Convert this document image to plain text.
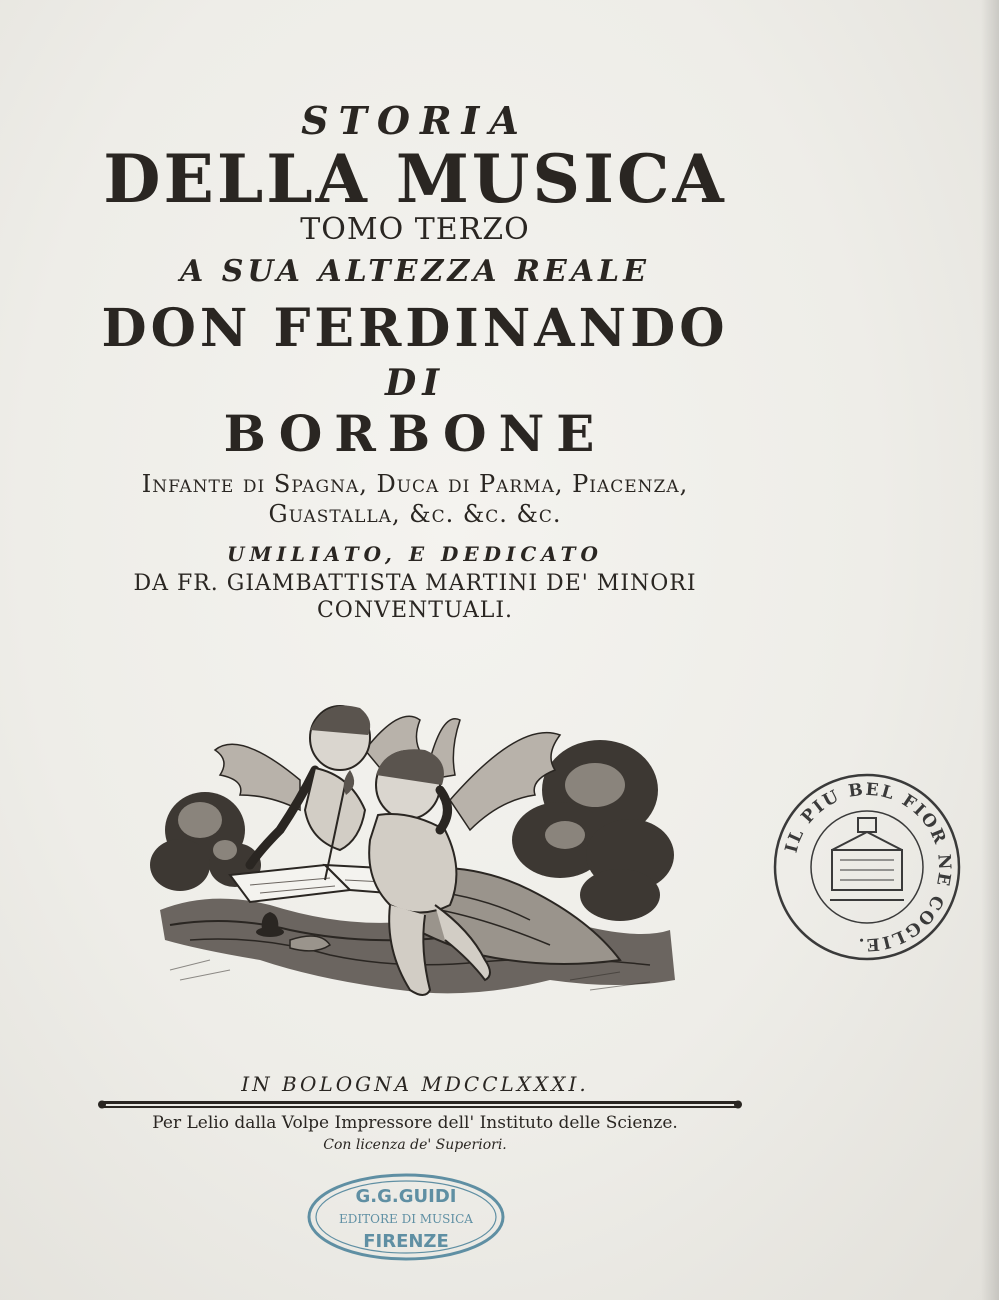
STORIA
DELLA MUSICA
TOMO TERZO
A SUA ALTEZZA REALE
DON FERDINANDO
DI
BORBONE
Infante di Spagna, Duca di Parma, Piacenza,
Guastalla, &c. &c. &c.
UMILIATO, E DEDICATO
DA FR. GIAMBATTISTA MARTINI DE' MINORI
CONVENTUALI.
IN BOLOGNA MDCCLXXXI.
Per Lelio dalla Volpe Impressore dell' Instituto delle Scienze.
Con licenza de' Superiori.
IL PIU BEL FIOR NE COGLIE.
G.G.GUIDI
EDITORE DI MUSICA
FIRENZE
